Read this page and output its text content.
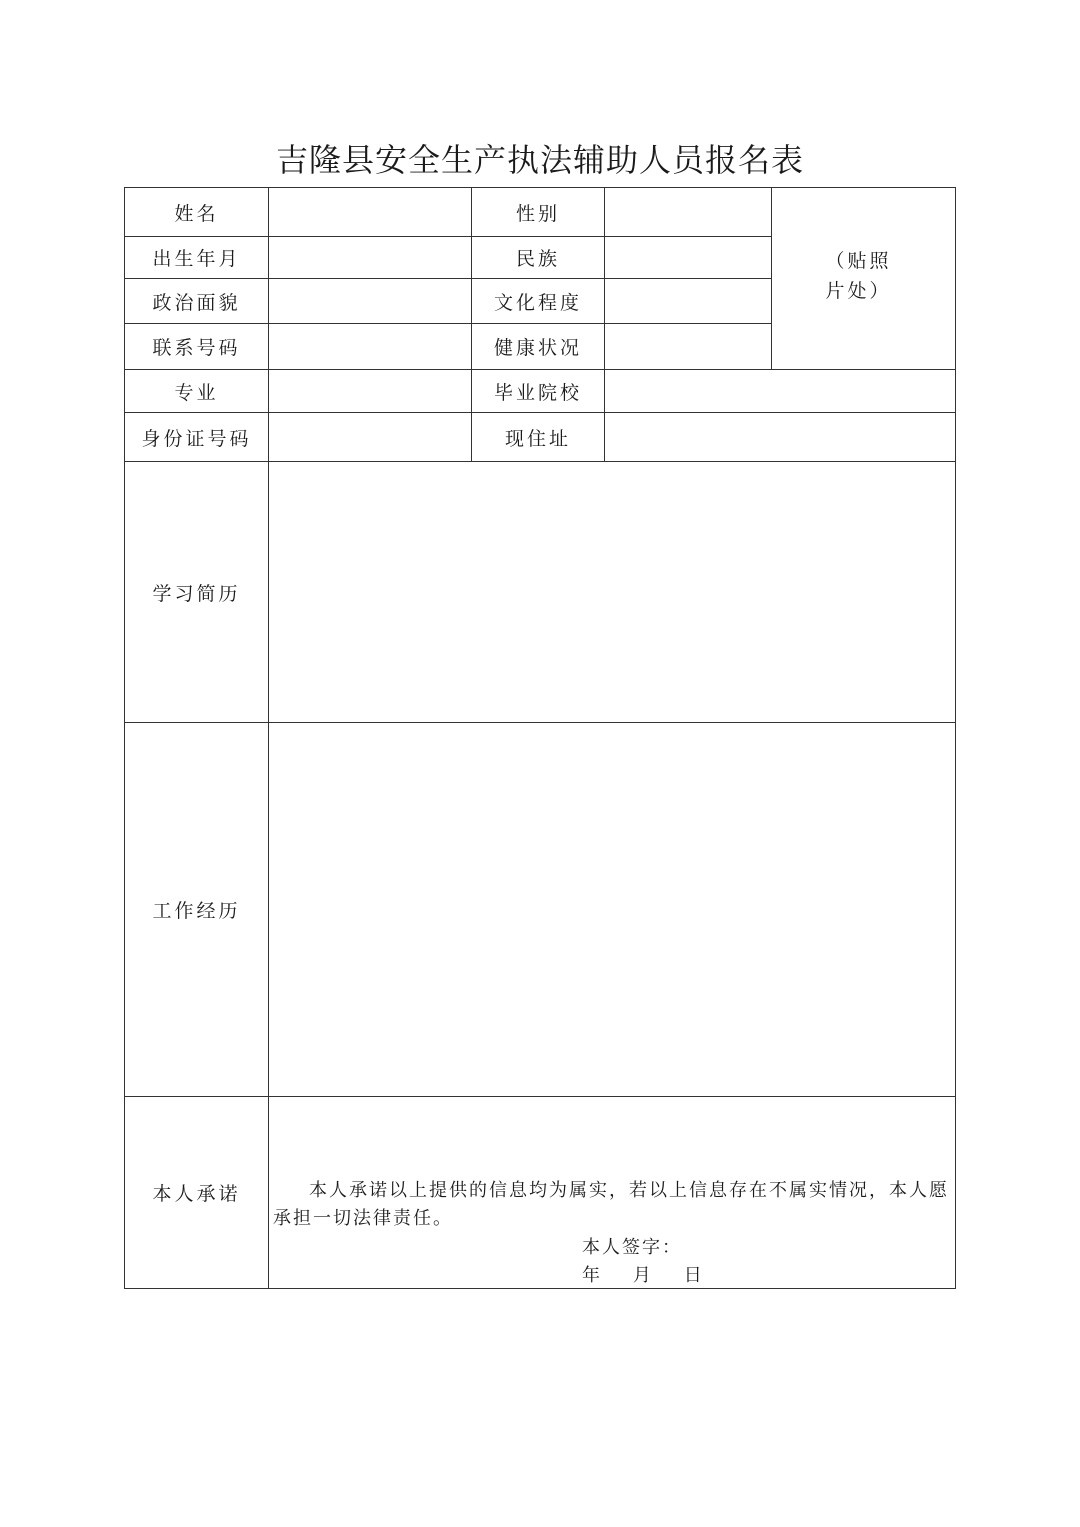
吉隆县安全生产执法辅助人员报名表
姓名	性别
（贴照片处）
出生年月	民族
政治面貌	文化程度
联系号码	健康状况
专业	毕业院校
身份证号码	现住址
学习简历
工作经历
本人承诺	本人承诺以上提供的信息均为属实，若以上信息存在不属实情况，本人愿承担一切法律责任。
本人签字：
年    月    日
